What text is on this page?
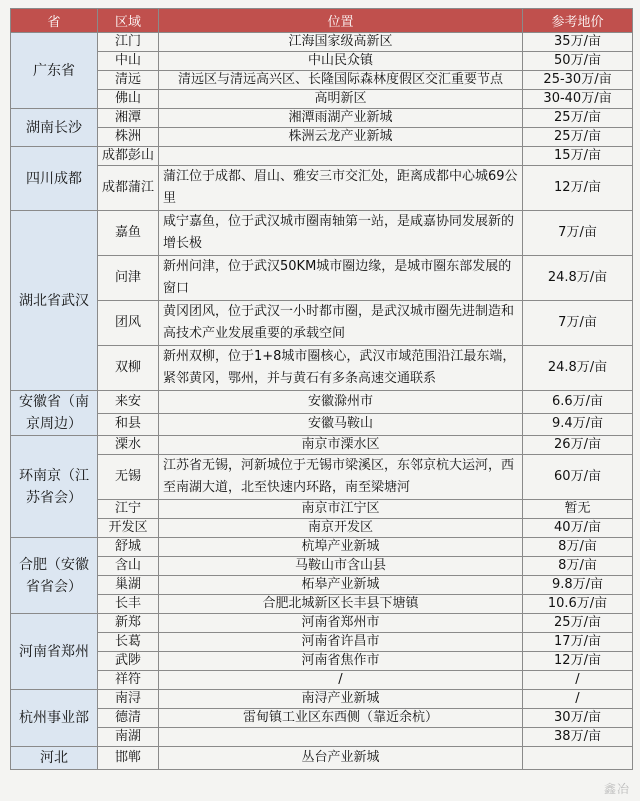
省	区域	位置	参考地价
广东省	江门	江海国家级高新区	35万/亩
	中山	中山民众镇	50万/亩
	清远	清远区与清远高兴区、长隆国际森林度假区交汇重要节点	25-30万/亩
	佛山	高明新区	30-40万/亩
湖南长沙	湘潭	湘潭雨湖产业新城	25万/亩
	株洲	株洲云龙产业新城	25万/亩
四川成都	成都彭山		15万/亩
	成都蒲江	蒲江位于成都、眉山、雅安三市交汇处，距离成都中心城69公里	12万/亩
湖北省武汉	嘉鱼	咸宁嘉鱼，位于武汉城市圈南轴第一站，是咸嘉协同发展新的增长极	7万/亩
	问津	新州问津，位于武汉50KM城市圈边缘，是城市圈东部发展的窗口	24.8万/亩
	团风	黄冈团风，位于武汉一小时都市圈，是武汉城市圈先进制造和高技术产业发展重要的承载空间	7万/亩
	双柳	新州双柳，位于1+8城市圈核心，武汉市域范围沿江最东端，紧邻黄冈，鄂州，并与黄石有多条高速交通联系	24.8万/亩
安徽省（南京周边）	来安	安徽滁州市	6.6万/亩
	和县	安徽马鞍山	9.4万/亩
环南京（江苏省会）	溧水	南京市溧水区	26万/亩
	无锡	江苏省无锡，河新城位于无锡市梁溪区，东邻京杭大运河，西至南湖大道，北至快速内环路，南至梁塘河	60万/亩
	江宁	南京市江宁区	暂无
	开发区	南京开发区	40万/亩
合肥（安徽省省会）	舒城	杭埠产业新城	8万/亩
	含山	马鞍山市含山县	8万/亩
	巢湖	柘皋产业新城	9.8万/亩
	长丰	合肥北城新区长丰县下塘镇	10.6万/亩
河南省郑州	新郑	河南省郑州市	25万/亩
	长葛	河南省许昌市	17万/亩
	武陟	河南省焦作市	12万/亩
	祥符	/	/
杭州事业部	南浔	南浔产业新城	/
	德清	雷甸镇工业区东西侧（靠近余杭）	30万/亩
	南湖		38万/亩
河北	邯郸	丛台产业新城	
鑫冶
